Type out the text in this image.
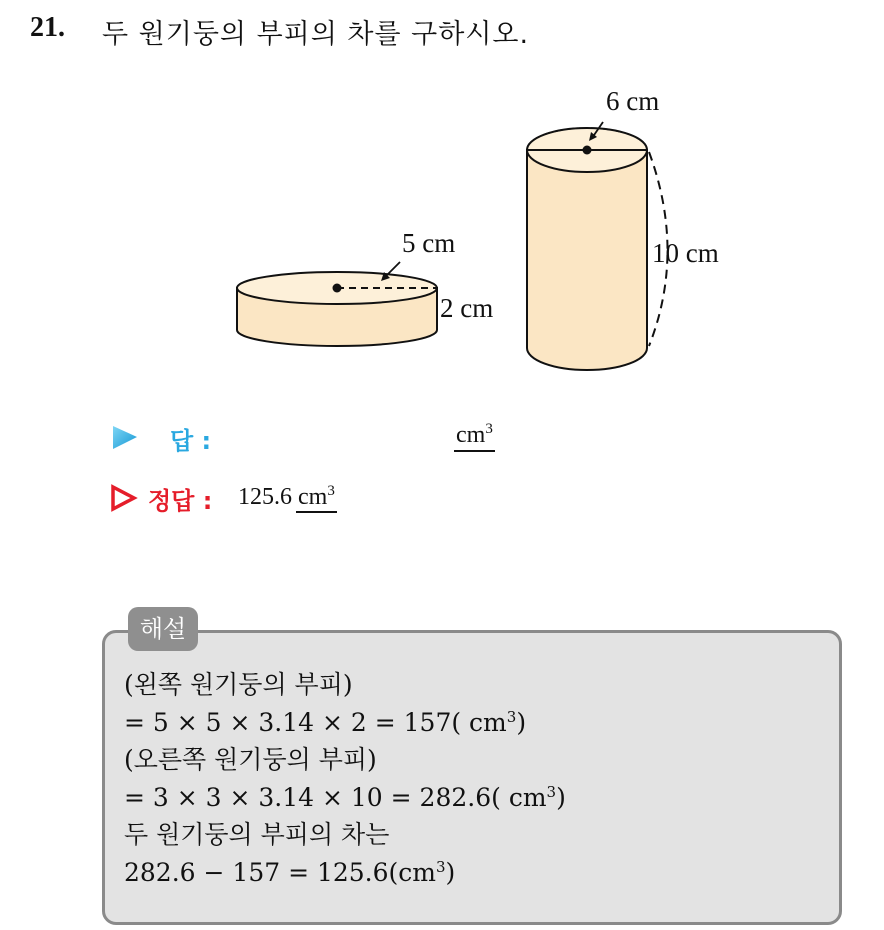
21. 두 원기둥의 부피의 차를 구하시오.
5 cm
2 cm
6 cm
10 cm
답 :	$cm^3$
정답 : 125.6 $cm^3$
해설
(왼쪽 원기둥의 부피)
= 5 × 5 × 3.14 × 2 = 157( $cm^3$)
(오른쪽 원기둥의 부피)
= 3 × 3 × 3.14 × 10 = 282.6( $cm^3$)
두 원기둥의 부피의 차는
$282.6 - 157 = 125.6(cm^3)$
